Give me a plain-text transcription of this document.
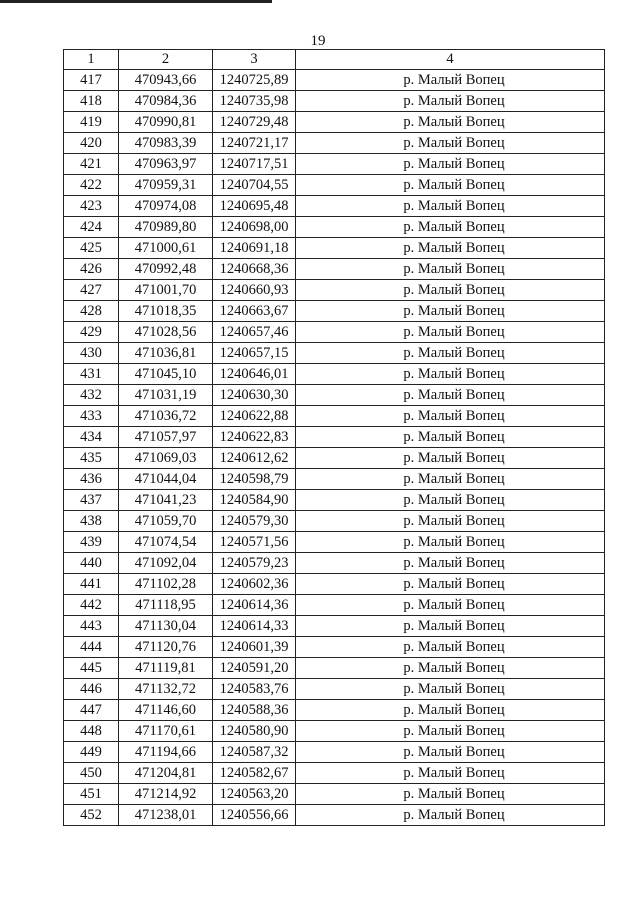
19
1	2	3	4
417	470943,66	1240725,89	р. Малый Вопец
418	470984,36	1240735,98	р. Малый Вопец
419	470990,81	1240729,48	р. Малый Вопец
420	470983,39	1240721,17	р. Малый Вопец
421	470963,97	1240717,51	р. Малый Вопец
422	470959,31	1240704,55	р. Малый Вопец
423	470974,08	1240695,48	р. Малый Вопец
424	470989,80	1240698,00	р. Малый Вопец
425	471000,61	1240691,18	р. Малый Вопец
426	470992,48	1240668,36	р. Малый Вопец
427	471001,70	1240660,93	р. Малый Вопец
428	471018,35	1240663,67	р. Малый Вопец
429	471028,56	1240657,46	р. Малый Вопец
430	471036,81	1240657,15	р. Малый Вопец
431	471045,10	1240646,01	р. Малый Вопец
432	471031,19	1240630,30	р. Малый Вопец
433	471036,72	1240622,88	р. Малый Вопец
434	471057,97	1240622,83	р. Малый Вопец
435	471069,03	1240612,62	р. Малый Вопец
436	471044,04	1240598,79	р. Малый Вопец
437	471041,23	1240584,90	р. Малый Вопец
438	471059,70	1240579,30	р. Малый Вопец
439	471074,54	1240571,56	р. Малый Вопец
440	471092,04	1240579,23	р. Малый Вопец
441	471102,28	1240602,36	р. Малый Вопец
442	471118,95	1240614,36	р. Малый Вопец
443	471130,04	1240614,33	р. Малый Вопец
444	471120,76	1240601,39	р. Малый Вопец
445	471119,81	1240591,20	р. Малый Вопец
446	471132,72	1240583,76	р. Малый Вопец
447	471146,60	1240588,36	р. Малый Вопец
448	471170,61	1240580,90	р. Малый Вопец
449	471194,66	1240587,32	р. Малый Вопец
450	471204,81	1240582,67	р. Малый Вопец
451	471214,92	1240563,20	р. Малый Вопец
452	471238,01	1240556,66	р. Малый Вопец
